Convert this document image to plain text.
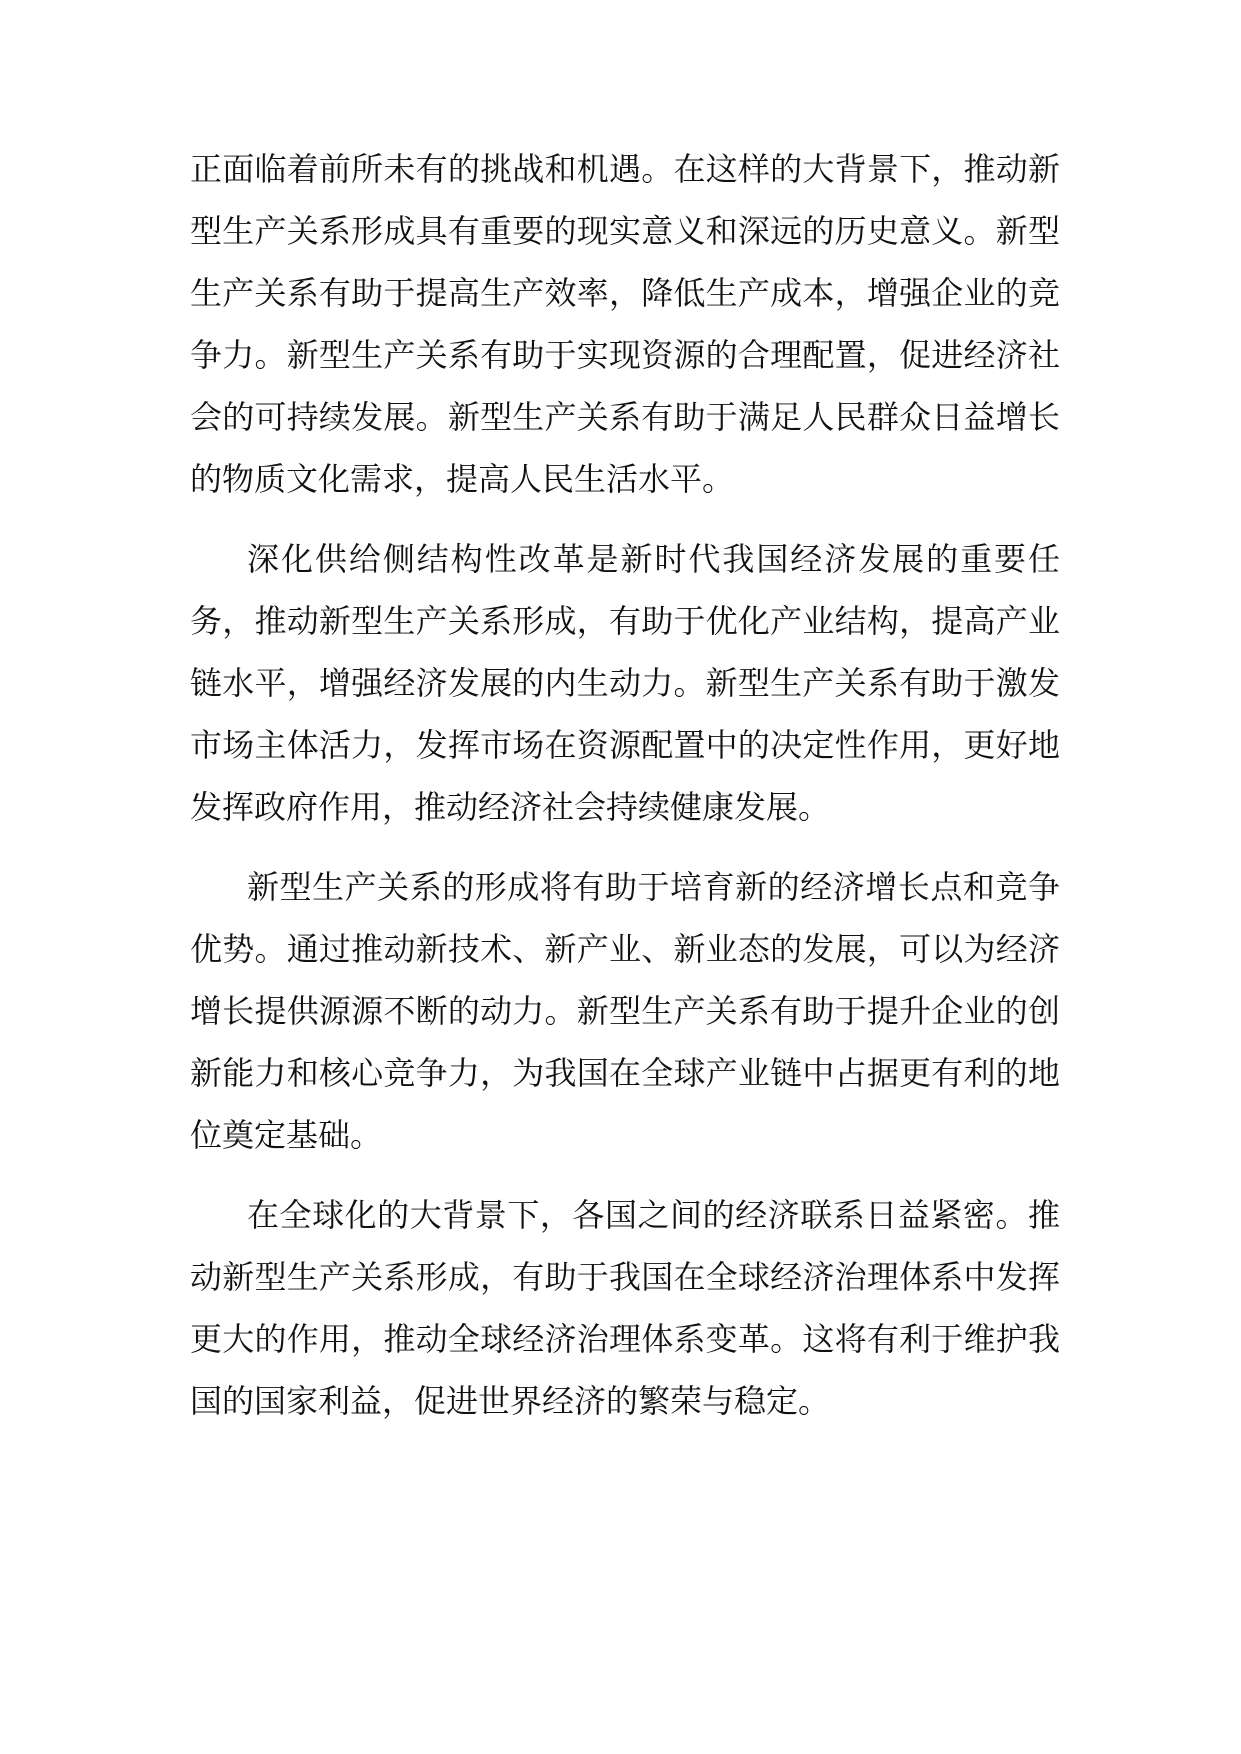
正面临着前所未有的挑战和机遇。在这样的大背景下，推动新型生产关系形成具有重要的现实意义和深远的历史意义。新型生产关系有助于提高生产效率，降低生产成本，增强企业的竞争力。新型生产关系有助于实现资源的合理配置，促进经济社会的可持续发展。新型生产关系有助于满足人民群众日益增长的物质文化需求，提高人民生活水平。

深化供给侧结构性改革是新时代我国经济发展的重要任务，推动新型生产关系形成，有助于优化产业结构，提高产业链水平，增强经济发展的内生动力。新型生产关系有助于激发市场主体活力，发挥市场在资源配置中的决定性作用，更好地发挥政府作用，推动经济社会持续健康发展。

新型生产关系的形成将有助于培育新的经济增长点和竞争优势。通过推动新技术、新产业、新业态的发展，可以为经济增长提供源源不断的动力。新型生产关系有助于提升企业的创新能力和核心竞争力，为我国在全球产业链中占据更有利的地位奠定基础。

在全球化的大背景下，各国之间的经济联系日益紧密。推动新型生产关系形成，有助于我国在全球经济治理体系中发挥更大的作用，推动全球经济治理体系变革。这将有利于维护我国的国家利益，促进世界经济的繁荣与稳定。
